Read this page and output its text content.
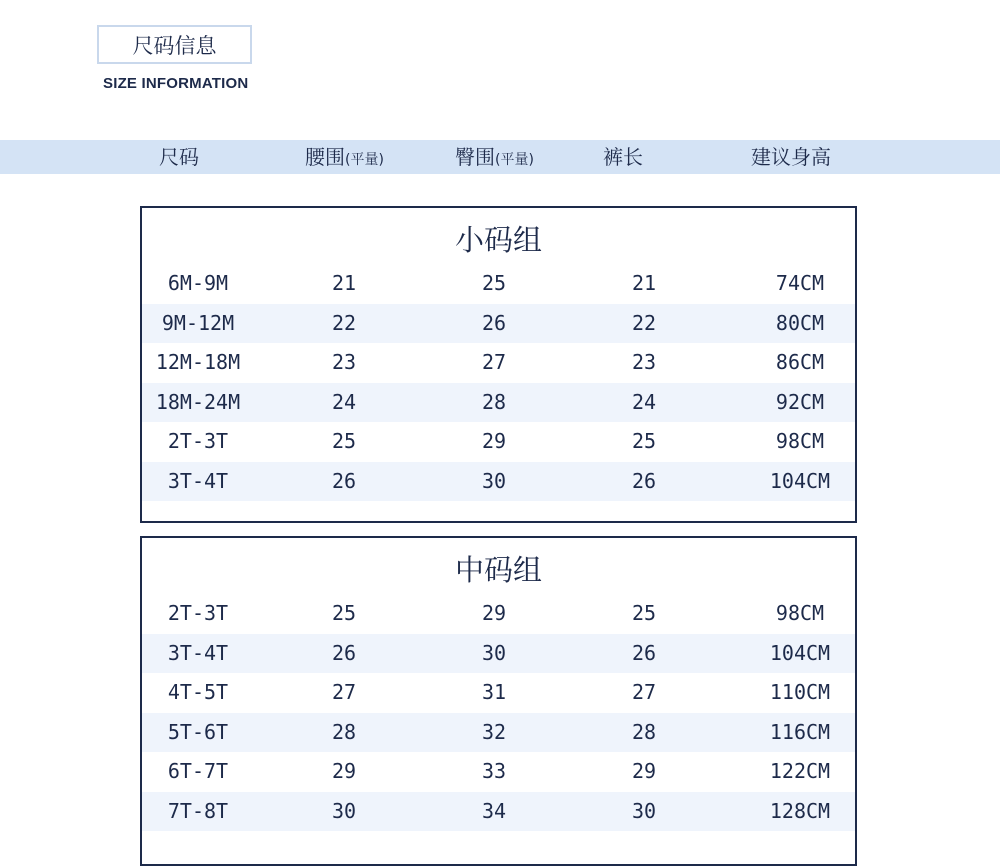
尺码信息
SIZE INFORMATION
尺码	腰围(平量)	臀围(平量)	裤长	建议身高
小码组
6M-9M	21	25	21	74CM
9M-12M	22	26	22	80CM
12M-18M	23	27	23	86CM
18M-24M	24	28	24	92CM
2T-3T	25	29	25	98CM
3T-4T	26	30	26	104CM
中码组
2T-3T	25	29	25	98CM
3T-4T	26	30	26	104CM
4T-5T	27	31	27	110CM
5T-6T	28	32	28	116CM
6T-7T	29	33	29	122CM
7T-8T	30	34	30	128CM
